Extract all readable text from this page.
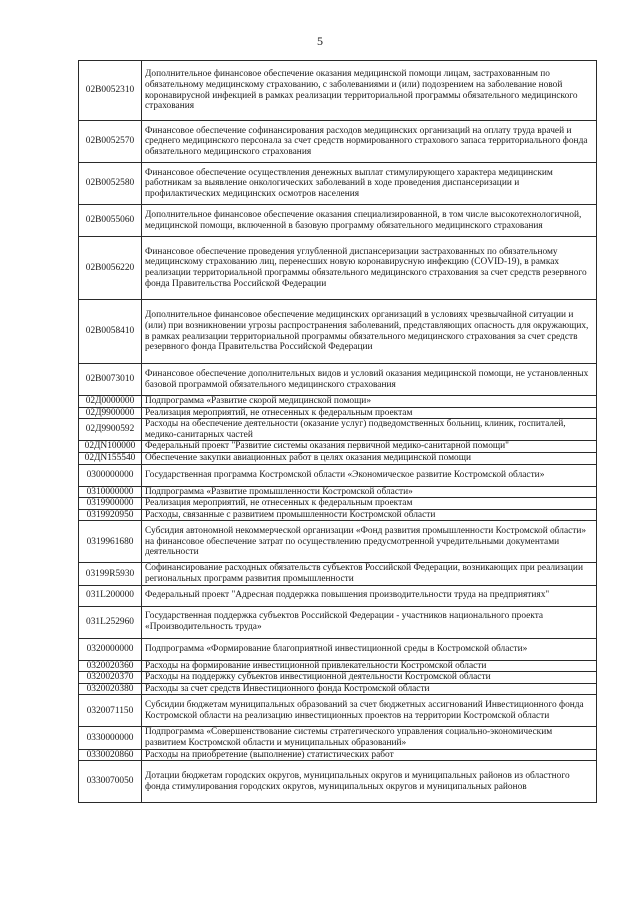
5
02В0052310	Дополнительное финансовое обеспечение оказания медицинской помощи лицам, застрахованным по обязательному медицинскому страхованию, с заболеваниями и (или) подозрением на заболевание новой коронавирусной инфекцией в рамках реализации территориальной программы обязательного медицинского страхования
02В0052570	Финансовое обеспечение софинансирования расходов медицинских организаций на оплату труда врачей и среднего медицинского персонала за счет средств нормированного страхового запаса территориального фонда обязательного медицинского страхования
02В0052580	Финансовое обеспечение осуществления денежных выплат стимулирующего характера медицинским работникам за выявление онкологических заболеваний в ходе проведения диспансеризации и профилактических медицинских осмотров населения
02В0055060	Дополнительное финансовое обеспечение оказания специализированной, в том числе высокотехнологичной, медицинской помощи, включенной в базовую программу обязательного медицинского страхования
02В0056220	Финансовое обеспечение проведения углубленной диспансеризации застрахованных по обязательному медицинскому страхованию лиц, перенесших новую коронавирусную инфекцию (COVID-19), в рамках реализации территориальной программы обязательного медицинского страхования за счет средств резервного фонда Правительства Российской Федерации
02В0058410	Дополнительное финансовое обеспечение медицинских организаций в условиях чрезвычайной ситуации и (или) при возникновении угрозы распространения заболеваний, представляющих опасность для окружающих, в рамках реализации территориальной программы обязательного медицинского страхования за счет средств резервного фонда Правительства Российской Федерации
02В0073010	Финансовое обеспечение дополнительных видов и условий оказания медицинской помощи, не установленных базовой программой обязательного медицинского страхования
02Д0000000	Подпрограмма «Развитие скорой медицинской помощи»
02Д9900000	Реализация мероприятий, не отнесенных к федеральным проектам
02Д9900592	Расходы на обеспечение деятельности (оказание услуг) подведомственных больниц, клиник, госпиталей, медико-санитарных частей
02ДN100000	Федеральный проект "Развитие системы оказания первичной медико-санитарной помощи"
02ДN155540	Обеспечение закупки авиационных работ в целях оказания медицинской помощи
0300000000	Государственная программа Костромской области «Экономическое развитие Костромской области»
0310000000	Подпрограмма «Развитие промышленности Костромской области»
0319900000	Реализация мероприятий, не отнесенных к федеральным проектам
0319920950	Расходы, связанные с развитием промышленности Костромской области
0319961680	Субсидия автономной некоммерческой организации «Фонд развития промышленности Костромской области» на финансовое обеспечение затрат по осуществлению предусмотренной учредительными документами деятельности
03199R5930	Софинансирование расходных обязательств субъектов Российской Федерации, возникающих при реализации региональных программ развития промышленности
031L200000	Федеральный проект "Адресная поддержка повышения производительности труда на предприятиях"
031L252960	Государственная поддержка субъектов Российской Федерации - участников национального проекта «Производительность труда»
0320000000	Подпрограмма «Формирование благоприятной инвестиционной среды в Костромской области»
0320020360	Расходы на формирование инвестиционной привлекательности Костромской области
0320020370	Расходы на поддержку субъектов инвестиционной деятельности Костромской области
0320020380	Расходы за счет средств Инвестиционного фонда Костромской области
0320071150	Субсидии бюджетам муниципальных образований за счет бюджетных ассигнований Инвестиционного фонда Костромской области на реализацию инвестиционных проектов на территории Костромской области
0330000000	Подпрограмма «Совершенствование системы стратегического управления социально-экономическим развитием Костромской области и муниципальных образований»
0330020860	Расходы на приобретение (выполнение) статистических работ
0330070050	Дотации бюджетам городских округов, муниципальных округов и муниципальных районов из областного фонда стимулирования городских округов, муниципальных округов и муниципальных районов
